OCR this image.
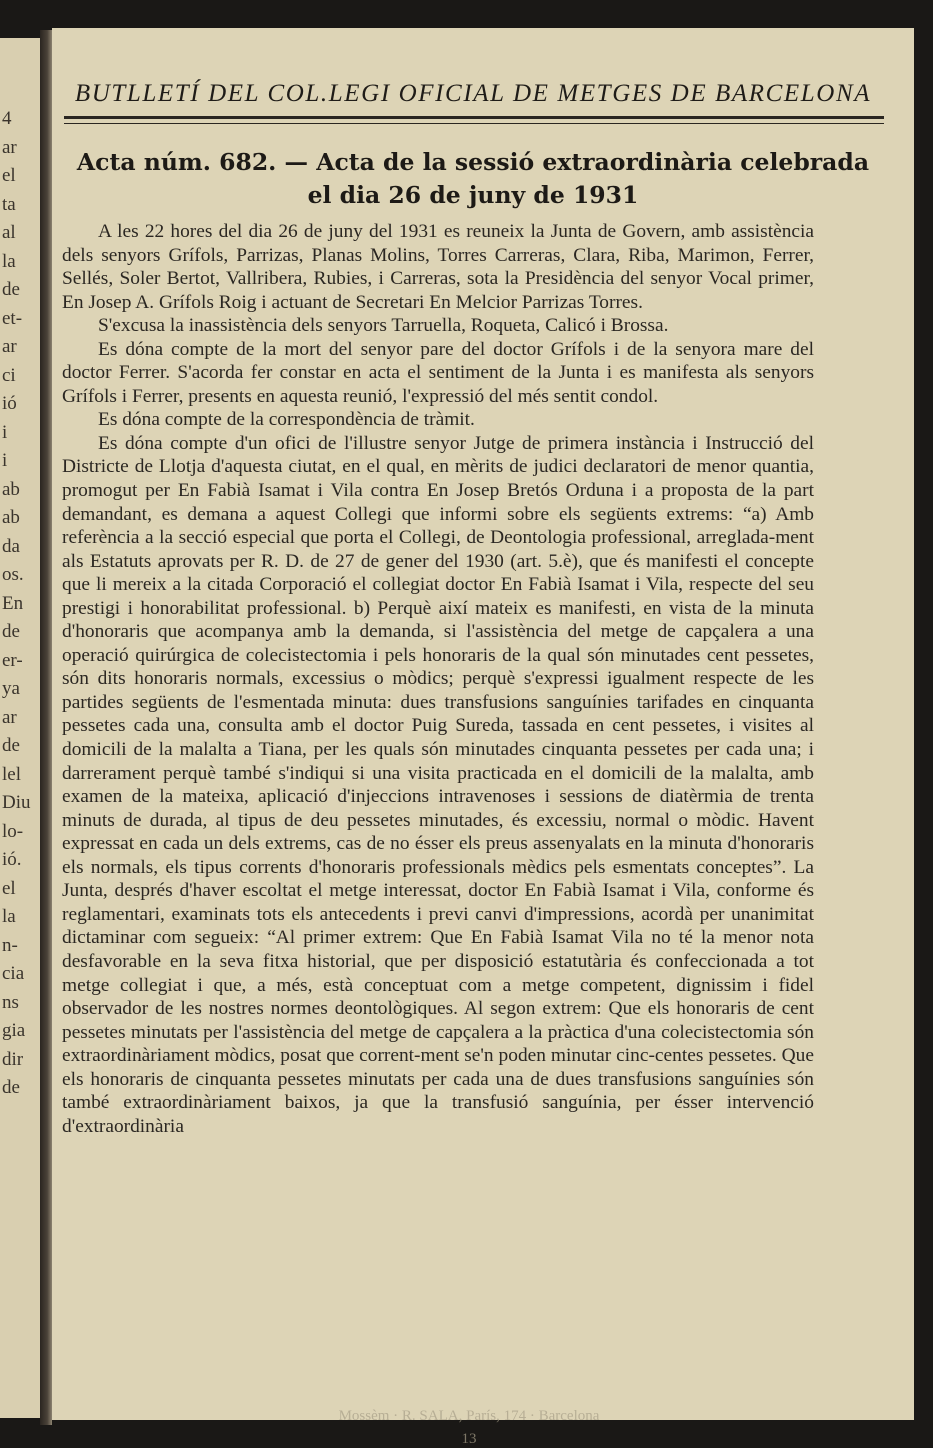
4
ar
el
ta
al
la
de
et-
ar
ci
ió
i
i
ab
ab
da
os.
En
de
er-
ya
ar
de
lel
Diu
lo-
ió.
el
la
n-
cia
ns
gia
dir
de
BUTLLETÍ DEL COL.LEGI OFICIAL DE METGES DE BARCELONA
Acta núm. 682. — Acta de la sessió extraordinària celebrada
el dia 26 de juny de 1931

A les 22 hores del dia 26 de juny del 1931 es reuneix la Junta de Govern, amb assistència dels senyors Grífols, Parrizas, Planas Molins, Torres Carreras, Clara, Riba, Marimon, Ferrer, Sellés, Soler Bertot, Vallribera, Rubies, i Carreras, sota la Presidència del senyor Vocal primer, En Josep A. Grífols Roig i actuant de Secretari En Melcior Parrizas Torres.

S'excusa la inassistència dels senyors Tarruella, Roqueta, Calicó i Brossa.

Es dóna compte de la mort del senyor pare del doctor Grífols i de la senyora mare del doctor Ferrer. S'acorda fer constar en acta el sentiment de la Junta i es manifesta als senyors Grífols i Ferrer, presents en aquesta reunió, l'expressió del més sentit condol.

Es dóna compte de la correspondència de tràmit.

Es dóna compte d'un ofici de l'illustre senyor Jutge de primera instància i Instrucció del Districte de Llotja d'aquesta ciutat, en el qual, en mèrits de judici declaratori de menor quantia, promogut per En Fabià Isamat i Vila contra En Josep Bretós Orduna i a proposta de la part demandant, es demana a aquest Collegi que informi sobre els següents extrems: “a) Amb referència a la secció especial que porta el Collegi, de Deontologia professional, arreglada-ment als Estatuts aprovats per R. D. de 27 de gener del 1930 (art. 5.è), que és manifesti el concepte que li mereix a la citada Corporació el collegiat doctor En Fabià Isamat i Vila, respecte del seu prestigi i honorabilitat professional. b) Perquè així mateix es manifesti, en vista de la minuta d'honoraris que acompanya amb la demanda, si l'assistència del metge de capçalera a una operació quirúrgica de colecistectomia i pels honoraris de la qual són minutades cent pessetes, són dits honoraris normals, excessius o mòdics; perquè s'expressi igualment respecte de les partides següents de l'esmentada minuta: dues transfusions sanguínies tarifades en cinquanta pessetes cada una, consulta amb el doctor Puig Sureda, tassada en cent pessetes, i visites al domicili de la malalta a Tiana, per les quals són minutades cinquanta pessetes per cada una; i darrerament perquè també s'indiqui si una visita practicada en el domicili de la malalta, amb examen de la mateixa, aplicació d'injeccions intravenoses i sessions de diatèrmia de trenta minuts de durada, al tipus de deu pessetes minutades, és excessiu, normal o mòdic. Havent expressat en cada un dels extrems, cas de no ésser els preus assenyalats en la minuta d'honoraris els normals, els tipus corrents d'honoraris professionals mèdics pels esmentats conceptes”. La Junta, després d'haver escoltat el metge interessat, doctor En Fabià Isamat i Vila, conforme és reglamentari, examinats tots els antecedents i previ canvi d'impressions, acordà per unanimitat dictaminar com segueix: “Al primer extrem: Que En Fabià Isamat Vila no té la menor nota desfavorable en la seva fitxa historial, que per disposició estatutària és confeccionada a tot metge collegiat i que, a més, està conceptuat com a metge competent, dignissim i fidel observador de les nostres normes deontològiques. Al segon extrem: Que els honoraris de cent pessetes minutats per l'assistència del metge de capçalera a la pràctica d'una colecistectomia són extraordinàriament mòdics, posat que corrent-ment se'n poden minutar cinc-centes pessetes. Que els honoraris de cinquanta pessetes minutats per cada una de dues transfusions sanguínies són també extraordinàriament baixos, ja que la transfusió sanguínia, per ésser intervenció d'extraordinària

Mossèm · R. SALA, París, 174 · Barcelona
13
